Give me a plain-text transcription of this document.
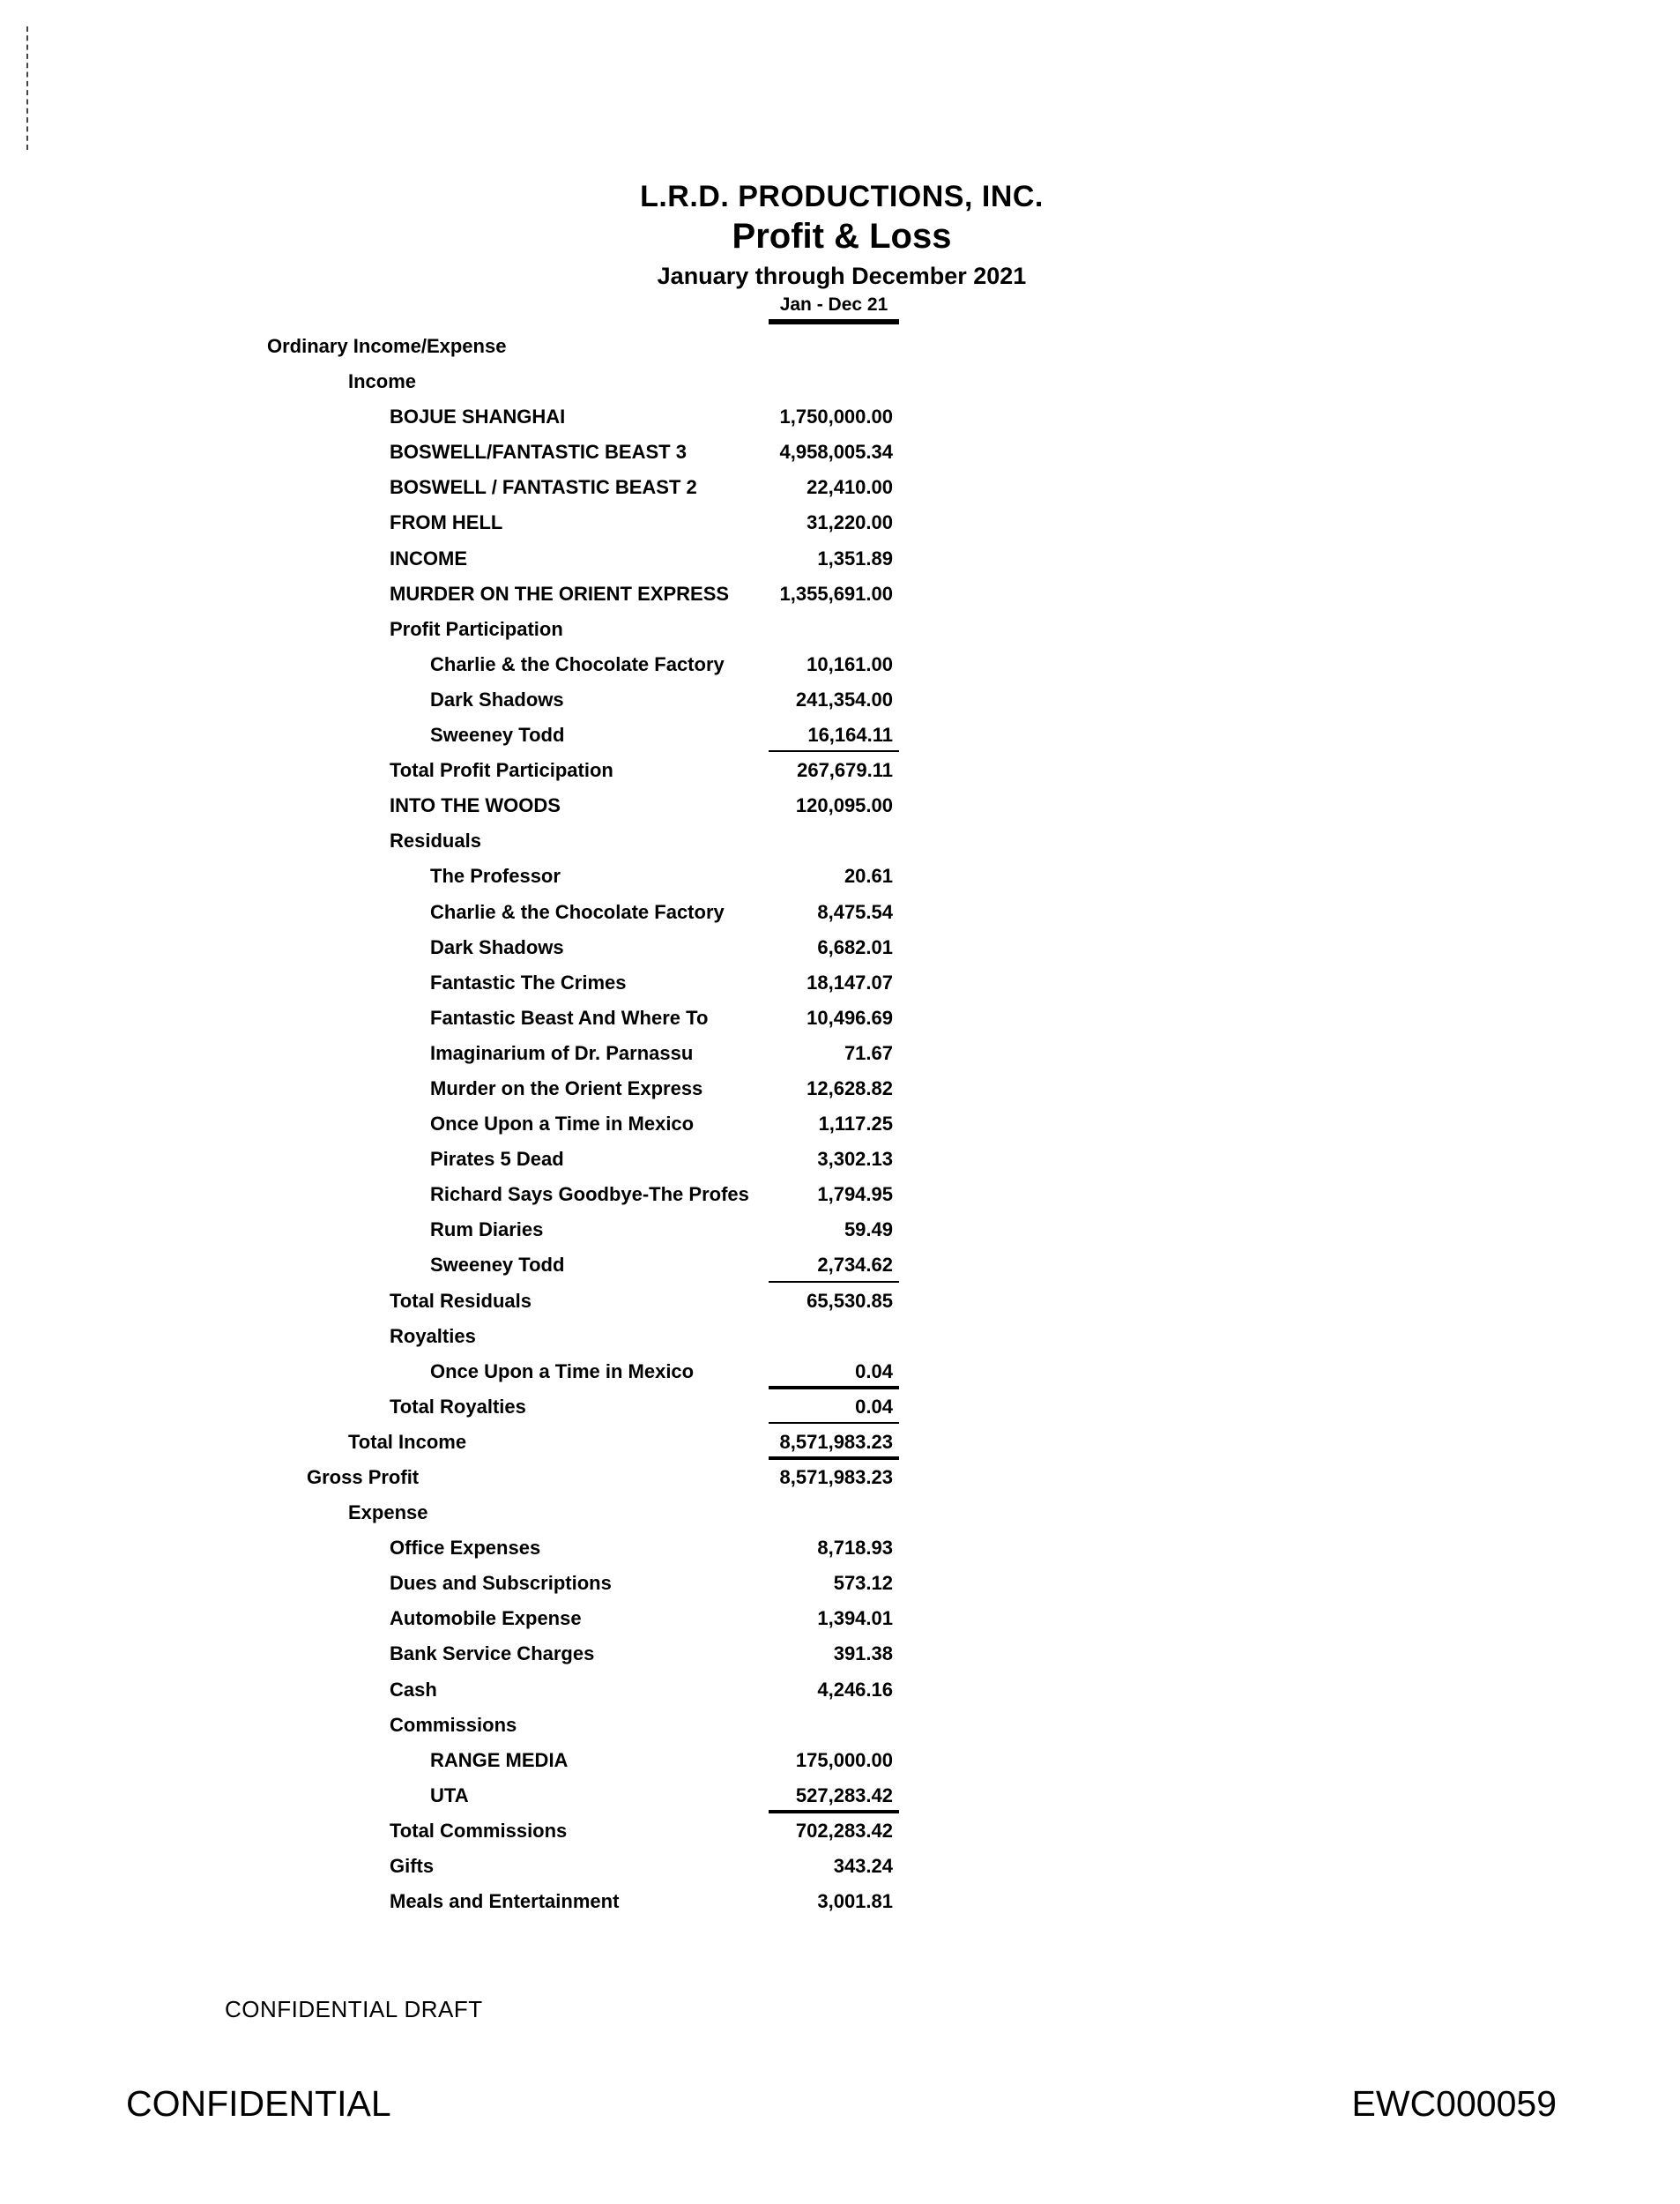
L.R.D. PRODUCTIONS, INC.
Profit & Loss
January through December 2021
Jan - Dec 21
Ordinary Income/Expense
Income
BOJUE SHANGHAI	1,750,000.00
BOSWELL/FANTASTIC BEAST 3	4,958,005.34
BOSWELL / FANTASTIC BEAST 2	22,410.00
FROM HELL	31,220.00
INCOME	1,351.89
MURDER ON THE ORIENT EXPRESS	1,355,691.00
Profit Participation
Charlie & the Chocolate Factory	10,161.00
Dark Shadows	241,354.00
Sweeney Todd	16,164.11
Total Profit Participation	267,679.11
INTO THE WOODS	120,095.00
Residuals
The Professor	20.61
Charlie & the Chocolate Factory	8,475.54
Dark Shadows	6,682.01
Fantastic The Crimes	18,147.07
Fantastic Beast And Where To	10,496.69
Imaginarium of Dr. Parnassu	71.67
Murder on the Orient Express	12,628.82
Once Upon a Time in Mexico	1,117.25
Pirates 5 Dead	3,302.13
Richard Says Goodbye-The Profes	1,794.95
Rum Diaries	59.49
Sweeney Todd	2,734.62
Total Residuals	65,530.85
Royalties
Once Upon a Time in Mexico	0.04
Total Royalties	0.04
Total Income	8,571,983.23
Gross Profit	8,571,983.23
Expense
Office Expenses	8,718.93
Dues and Subscriptions	573.12
Automobile Expense	1,394.01
Bank Service Charges	391.38
Cash	4,246.16
Commissions
RANGE MEDIA	175,000.00
UTA	527,283.42
Total Commissions	702,283.42
Gifts	343.24
Meals and Entertainment	3,001.81
CONFIDENTIAL DRAFT
CONFIDENTIAL	EWC000059
